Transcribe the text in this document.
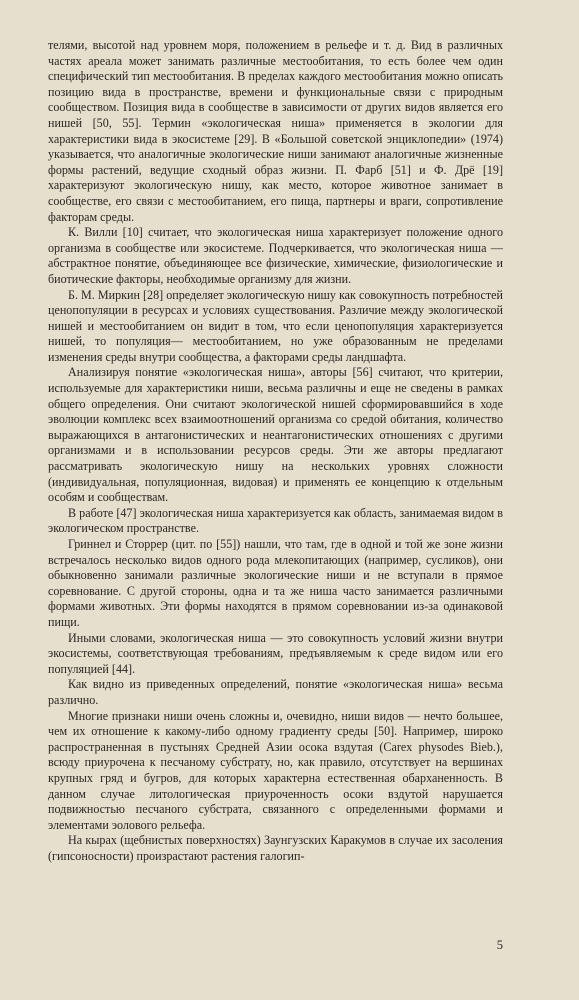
телями, высотой над уровнем моря, положением в рельефе и т. д. Вид в различных частях ареала может занимать различные местообитания, то есть более чем один специфический тип местообитания. В пределах каждого местообитания можно описать позицию вида в пространстве, времени и функциональные связи с природным сообществом. Позиция вида в сообществе в зависимости от других видов является его нишей [50, 55]. Термин «экологическая ниша» применяется в экологии для характеристики вида в экосистеме [29]. В «Большой советской энциклопедии» (1974) указывается, что аналогичные экологические ниши занимают аналогичные жизненные формы растений, ведущие сходный образ жизни. П. Фарб [51] и Ф. Дрё [19] характеризуют экологическую нишу, как место, которое животное занимает в сообществе, его связи с местообитанием, его пища, партнеры и враги, сопротивление факторам среды.

К. Вилли [10] считает, что экологическая ниша характеризует положение одного организма в сообществе или экосистеме. Подчеркивается, что экологическая ниша — абстрактное понятие, объединяющее все физические, химические, физиологические и биотические факторы, необходимые организму для жизни.

Б. М. Миркин [28] определяет экологическую нишу как совокупность потребностей ценопопуляции в ресурсах и условиях существования. Различие между экологической нишей и местообитанием он видит в том, что если ценопопуляция характеризуется нишей, то популяция— местообитанием, но уже образованным не пределами изменения среды внутри сообщества, а факторами среды ландшафта.

Анализируя понятие «экологическая ниша», авторы [56] считают, что критерии, используемые для характеристики ниши, весьма различны и еще не сведены в рамках общего определения. Они считают экологической нишей сформировавшийся в ходе эволюции комплекс всех взаимоотношений организма со средой обитания, количество выражающихся в антагонистических и неантагонистических отношениях с другими организмами и в использовании ресурсов среды. Эти же авторы предлагают рассматривать экологическую нишу на нескольких уровнях сложности (индивидуальная, популяционная, видовая) и применять ее концепцию к отдельным особям и сообществам.

В работе [47] экологическая ниша характеризуется как область, занимаемая видом в экологическом пространстве.

Гриннел и Сторрер (цит. по [55]) нашли, что там, где в одной и той же зоне жизни встречалось несколько видов одного рода млекопитающих (например, сусликов), они обыкновенно занимали различные экологические ниши и не вступали в прямое соревнование. С другой стороны, одна и та же ниша часто занимается различными формами животных. Эти формы находятся в прямом соревновании из-за одинаковой пищи.

Иными словами, экологическая ниша — это совокупность условий жизни внутри экосистемы, соответствующая требованиям, предъявляемым к среде видом или его популяцией [44].

Как видно из приведенных определений, понятие «экологическая ниша» весьма различно.

Многие признаки ниши очень сложны и, очевидно, ниши видов — нечто большее, чем их отношение к какому-либо одному градиенту среды [50]. Например, широко распространенная в пустынях Средней Азии осока вздутая (Carex physodes Bieb.), всюду приурочена к песчаному субстрату, но, как правило, отсутствует на вершинах крупных гряд и бугров, для которых характерна естественная обарханенность. В данном случае литологическая приуроченность осоки вздутой нарушается подвижностью песчаного субстрата, связанного с определенными формами и элементами эолового рельефа.

На кырах (щебнистых поверхностях) Заунгузских Каракумов в случае их засоления (гипсоносности) произрастают растения галогип-

5
